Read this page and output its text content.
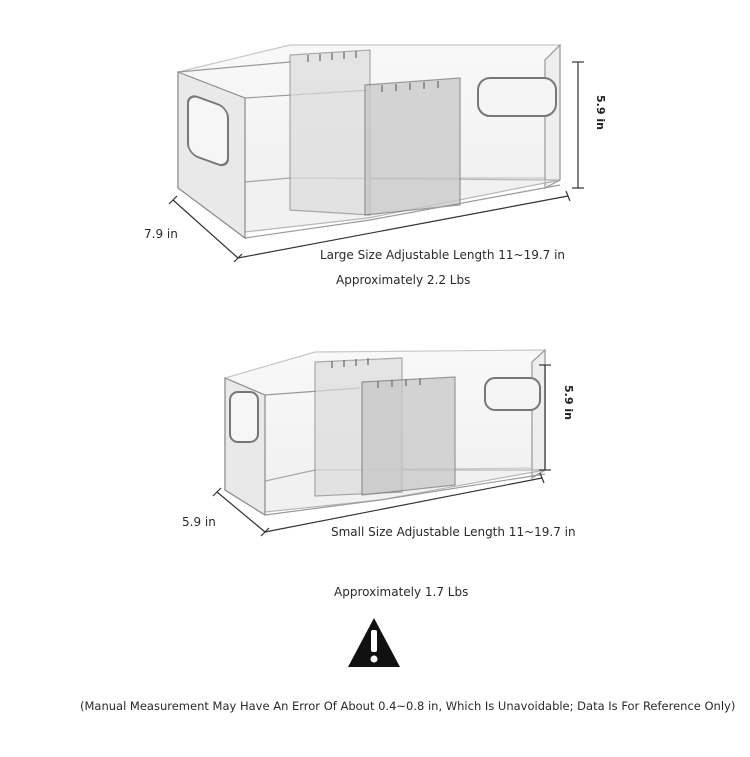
5.9 in
7.9 in
Large Size Adjustable Length 11~19.7 in
Approximately 2.2 Lbs
5.9 in
5.9 in
Small Size Adjustable Length 11~19.7 in
Approximately 1.7 Lbs
(Manual Measurement May Have An Error Of About 0.4~0.8 in, Which Is Unavoidable; Data Is For Reference Only)
